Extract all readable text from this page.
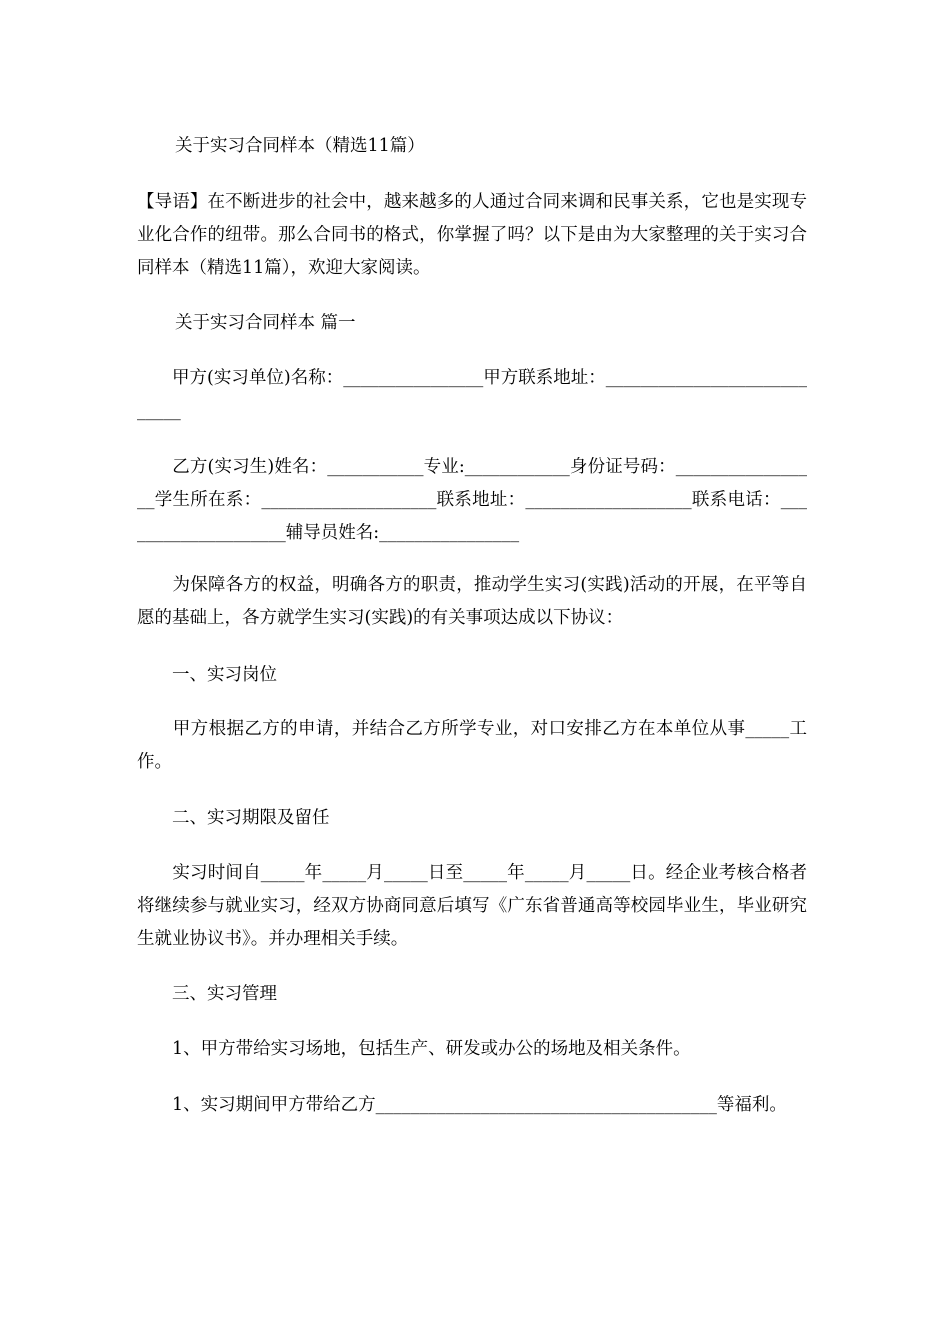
关于实习合同样本（精选11篇）
【导语】在不断进步的社会中，越来越多的人通过合同来调和民事关系，它也是实现专业化合作的纽带。那么合同书的格式，你掌握了吗？以下是由为大家整理的关于实习合同样本（精选11篇），欢迎大家阅读。
关于实习合同样本 篇一
　　甲方(实习单位)名称：________________甲方联系地址：____________________________
　　乙方(实习生)姓名：___________专业:____________身份证号码：_________________学生所在系：____________________联系地址：___________________联系电话：____________________辅导员姓名:________________
　　为保障各方的权益，明确各方的职责，推动学生实习(实践)活动的开展，在平等自愿的基础上，各方就学生实习(实践)的有关事项达成以下协议：
　　一、实习岗位
　　甲方根据乙方的申请，并结合乙方所学专业，对口安排乙方在本单位从事_____工作。
　　二、实习期限及留任
　　实习时间自_____年_____月_____日至_____年_____月_____日。经企业考核合格者将继续参与就业实习，经双方协商同意后填写《广东省普通高等校园毕业生，毕业研究生就业协议书》。并办理相关手续。
　　三、实习管理
　　1、甲方带给实习场地，包括生产、研发或办公的场地及相关条件。
　　1、实习期间甲方带给乙方_______________________________________等福利。
